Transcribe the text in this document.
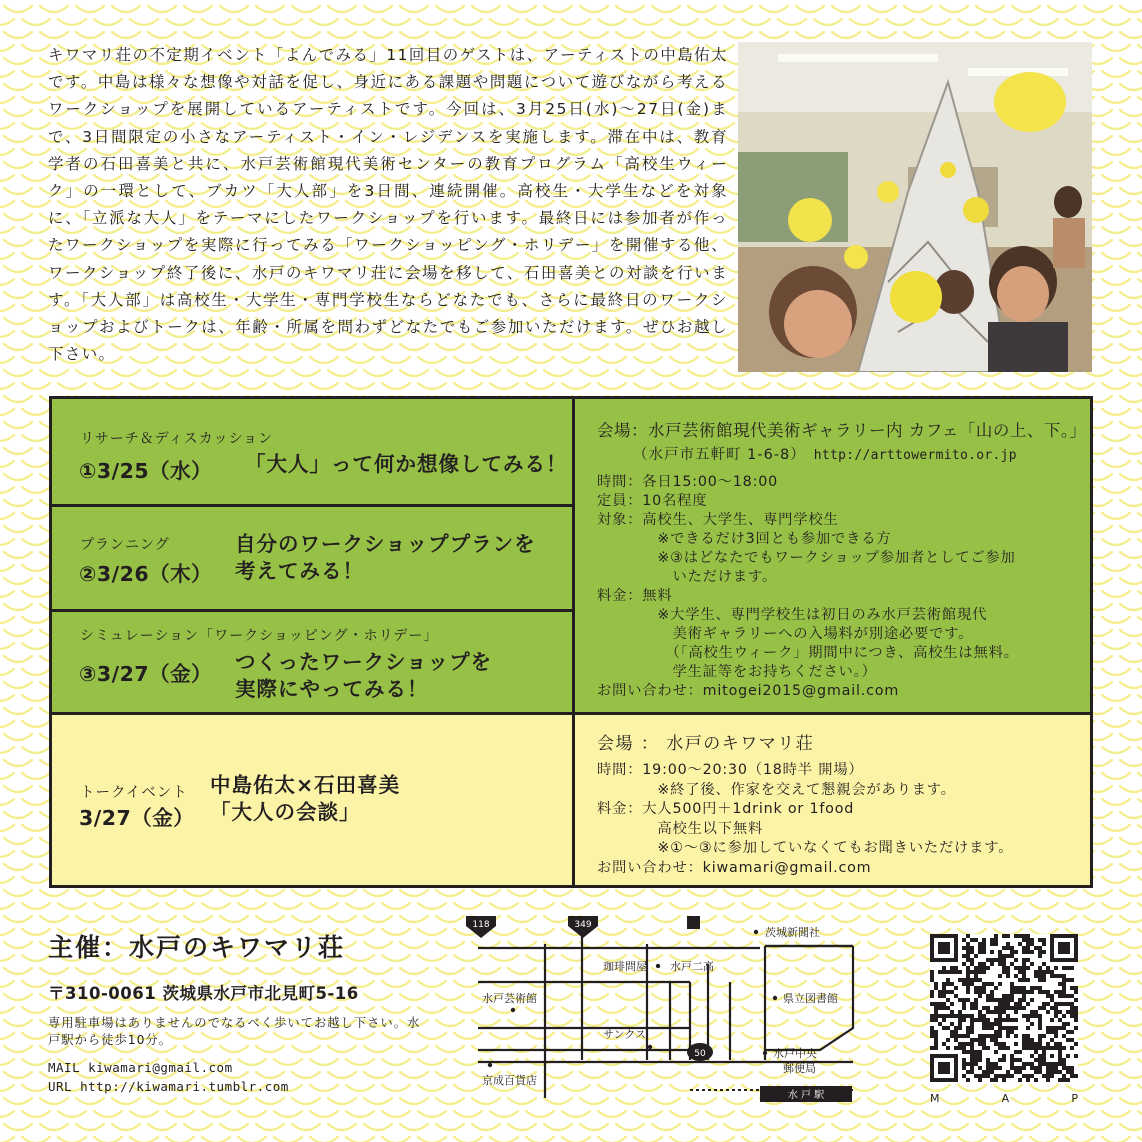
キワマリ荘の不定期イベント「よんでみる」11回目のゲストは、アーティストの中島佑太です。中島は様々な想像や対話を促し、身近にある課題や問題について遊びながら考えるワークショップを展開しているアーティストです。今回は、3月25日(水)〜27日(金)まで、3日間限定の小さなアーティスト・イン・レジデンスを実施します。滞在中は、教育学者の石田喜美と共に、水戸芸術館現代美術センターの教育プログラム「高校生ウィーク」の一環として、ブカツ「大人部」を3日間、連続開催。高校生・大学生などを対象に、「立派な大人」をテーマにしたワークショップを行います。最終日には参加者が作ったワークショップを実際に行ってみる「ワークショッピング・ホリデー」を開催する他、ワークショップ終了後に、水戸のキワマリ荘に会場を移して、石田喜美との対談を行います。「大人部」は高校生・大学生・専門学校生ならどなたでも、さらに最終日のワークショップおよびトークは、年齢・所属を問わずどなたでもご参加いただけます。ぜひお越し下さい。

リサーチ＆ディスカッション
①3/25（水） 「大人」って何か想像してみる！
プランニング
②3/26（木）
自分のワークショッププランを
考えてみる！
シミュレーション「ワークショッピング・ホリデー」
③3/27（金） つくったワークショップを
実際にやってみる！
会場：水戸芸術館現代美術ギャラリー内 カフェ「山の上、下。」
（水戸市五軒町 1-6-8） http://arttowermito.or.jp
時間：各日15:00〜18:00
定員：10名程度
対象：高校生、大学生、専門学校生
　　　　※できるだけ3回とも参加できる方
　　　　※③はどなたでもワークショップ参加者としてご参加
　　　　　いただけます。
料金：無料
　　　　※大学生、専門学校生は初日のみ水戸芸術館現代
　　　　　美術ギャラリーへの入場料が別途必要です。
　　　　　（「高校生ウィーク」期間中につき、高校生は無料。
　　　　　学生証等をお持ちください。）
お問い合わせ：mitogei2015@gmail.com
トークイベント 中島佑太×石田喜美
3/27（金） 「大人の会談」
会場 ： 水戸のキワマリ荘
時間：19:00〜20:30（18時半 開場）
　　　　※終了後、作家を交えて懇親会があります。
料金：大人500円＋1drink or 1food
　　　　高校生以下無料
　　　　※①〜③に参加していなくてもお聞きいただけます。
お問い合わせ：kiwamari@gmail.com
主催：水戸のキワマリ荘
〒310-0061 茨城県水戸市北見町5-16
専用駐車場はありませんのでなるべく歩いてお越し下さい。水戸駅から徒歩10分。
MAIL kiwamari@gmail.com
URL http://kiwamari.tumblr.com
水 戸 駅
118	349
50
茨城新聞社
珈琲問屋 水戸二高
水戸芸術館	県立図書館
サンクス
水戸中央
郵便局
京成百貨店
M	A	P
